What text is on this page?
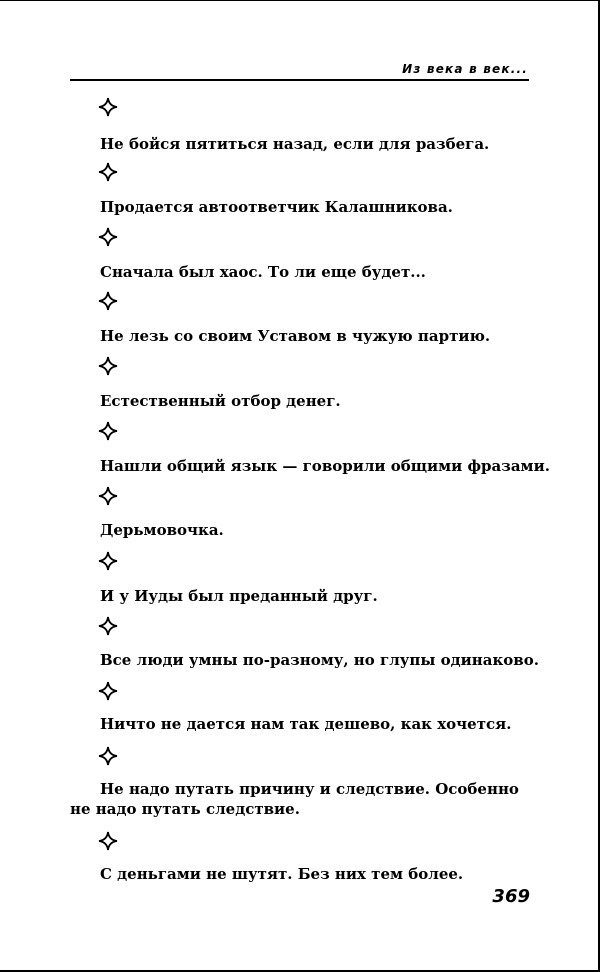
Из века в век...
Не бойся пятиться назад, если для разбега.
Продается автоответчик Калашникова.
Сначала был хаос. То ли еще будет...
Не лезь со своим Уставом в чужую партию.
Естественный отбор денег.
Нашли общий язык — говорили общими фразами.
Дерьмовочка.
И у Иуды был преданный друг.
Все люди умны по-разному, но глупы одинаково.
Ничто не дается нам так дешево, как хочется.
Не надо путать причину и следствие. Особенно
не надо путать следствие.
С деньгами не шутят. Без них тем более.
369
